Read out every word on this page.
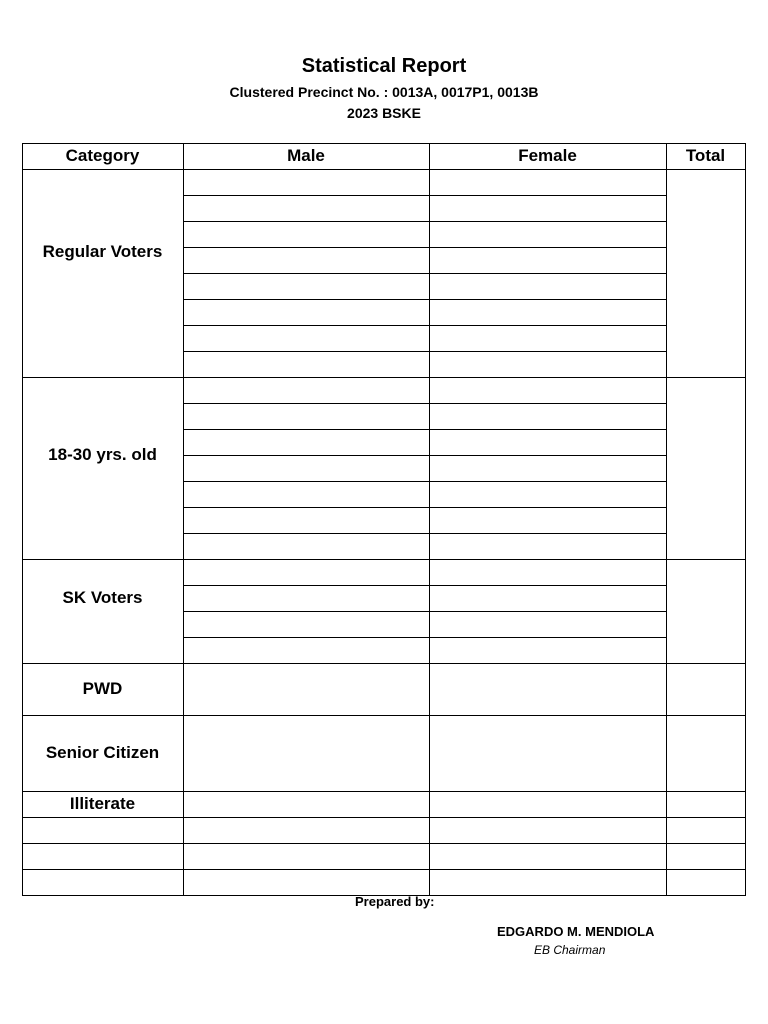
Statistical Report
Clustered Precinct No. : 0013A, 0017P1, 0013B
2023 BSKE
Category	Male	Female	Total
Regular Voters
18-30 yrs. old
SK Voters
PWD
Senior Citizen
Illiterate
Prepared by:
EDGARDO M. MENDIOLA
EB Chairman
